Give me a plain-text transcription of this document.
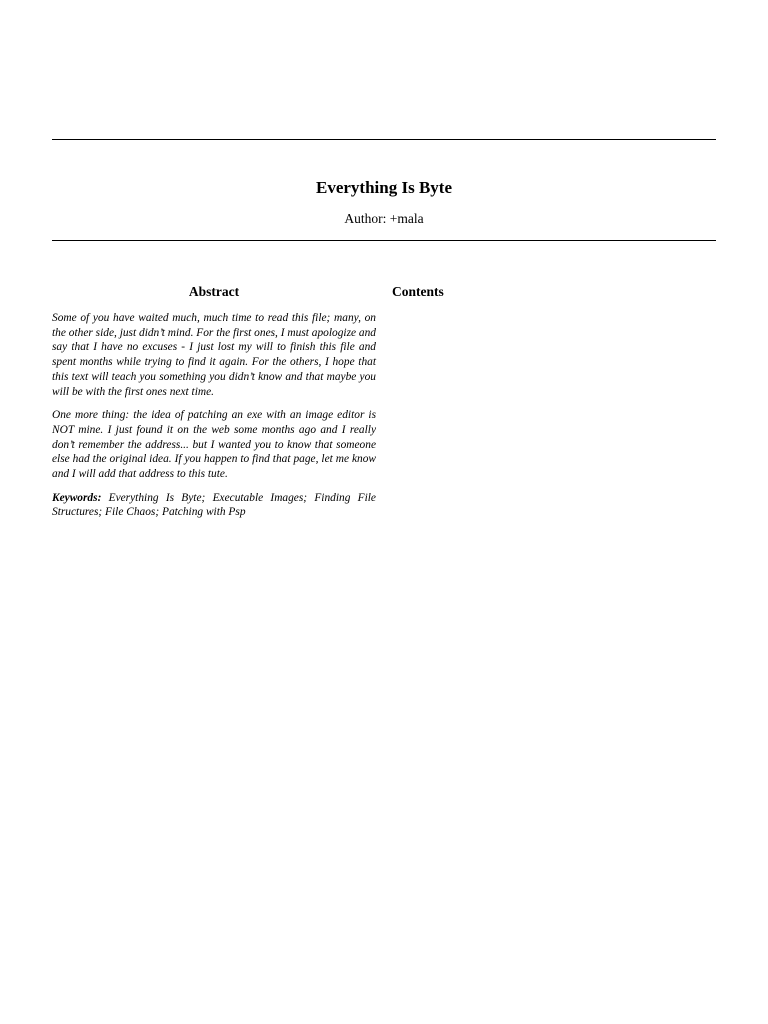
Everything Is Byte
Author: +mala
Abstract

Some of you have waited much, much time to read this file; many, on the other side, just didn’t mind. For the first ones, I must apologize and say that I have no excuses - I just lost my will to finish this file and spent months while trying to find it again. For the others, I hope that this text will teach you something you didn’t know and that maybe you will be with the first ones next time.

One more thing: the idea of patching an exe with an image editor is NOT mine. I just found it on the web some months ago and I really don’t remember the address... but I wanted you to know that someone else had the original idea. If you happen to find that page, let me know and I will add that address to this tute.

Keywords: Everything Is Byte; Executable Images; Finding File Structures; File Chaos; Patching with Psp

Contents
